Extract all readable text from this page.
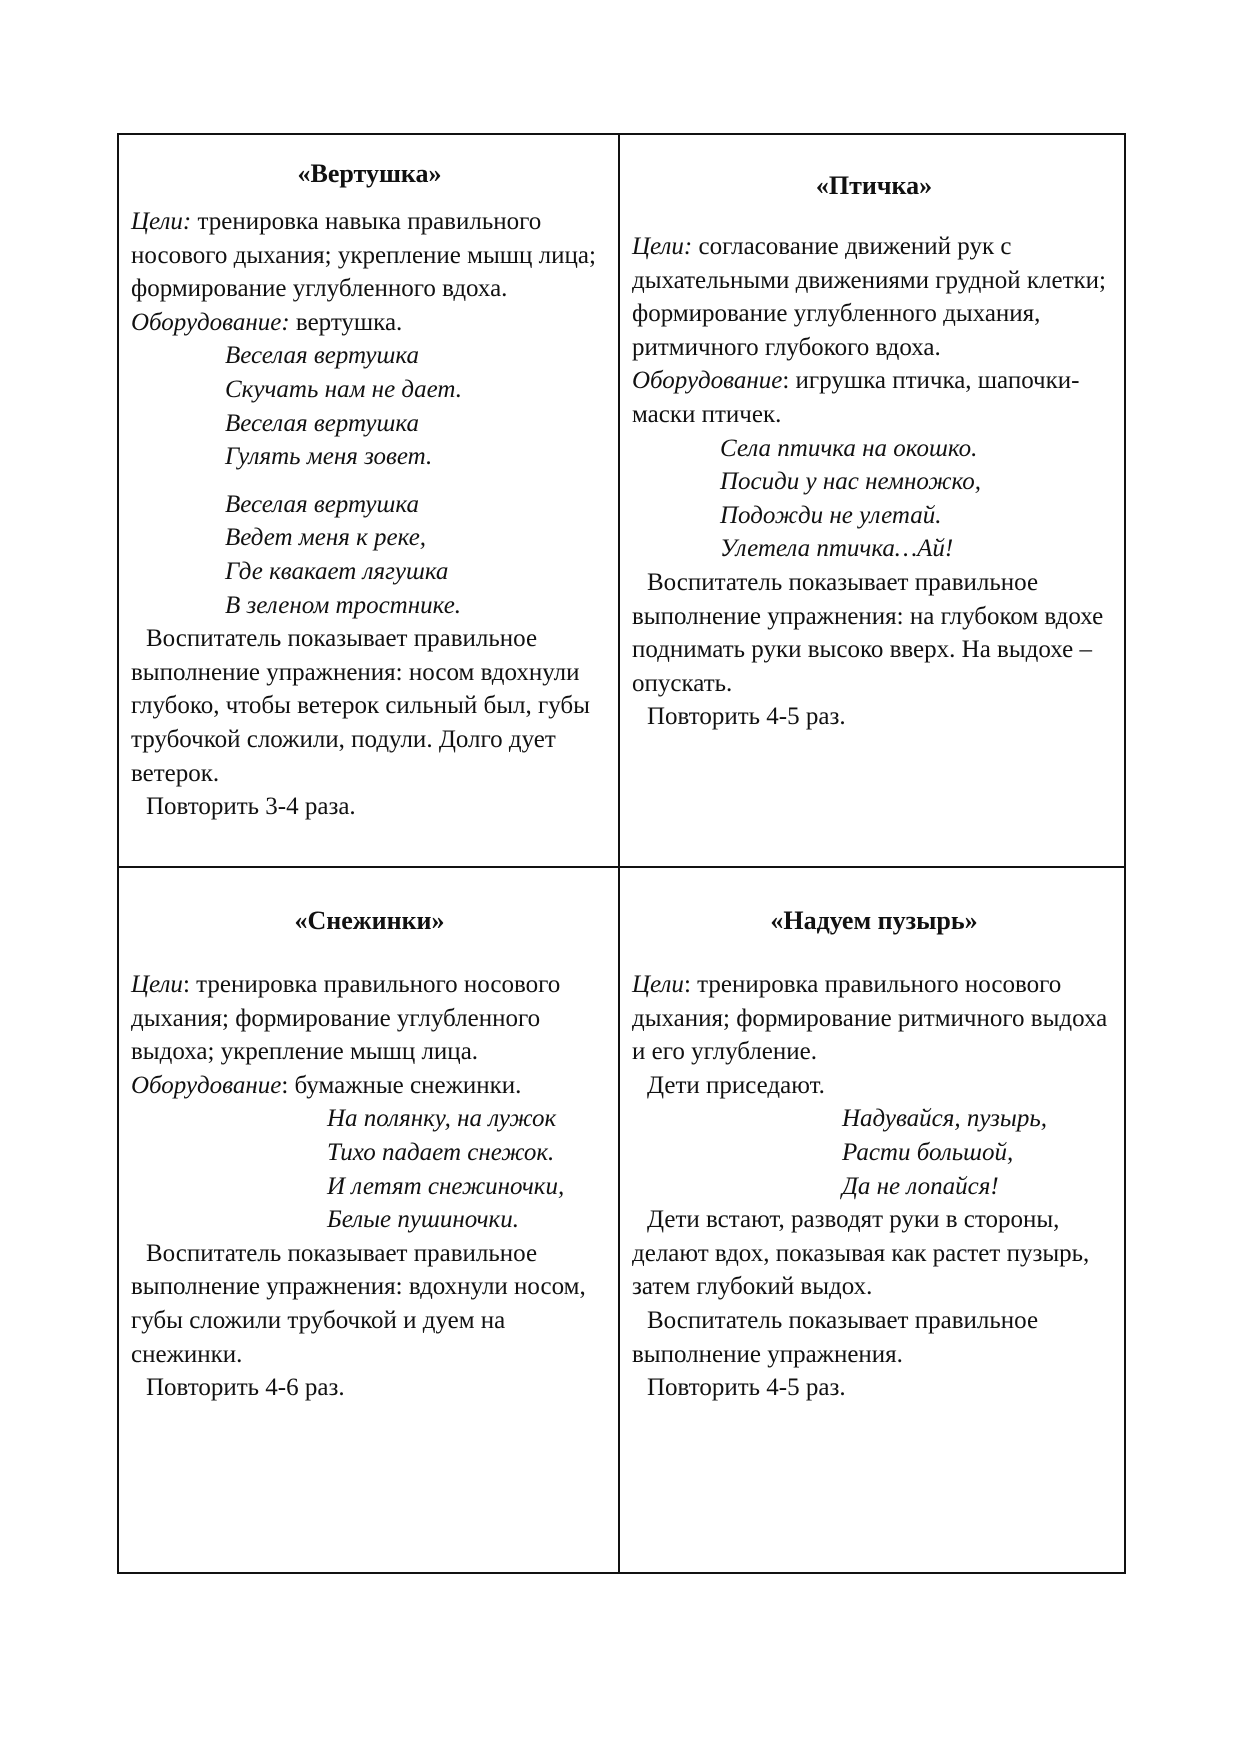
«Вертушка»

Цели: тренировка навыка правильного носового дыхания; укрепление мышц лица; формирование углубленного вдоха.

Оборудование: вертушка.

Веселая вертушка
Скучать нам не дает.
Веселая вертушка
Гулять меня зовет.

Веселая вертушка
Ведет меня к реке,
Где квакает лягушка
В зеленом тростнике.

Воспитатель показывает правильное выполнение упражнения: носом вдохнули глубоко, чтобы ветерок сильный был, губы трубочкой сложили, подули. Долго дует ветерок.

Повторить 3-4 раза.

«Птичка»

Цели: согласование движений рук с дыхательными движениями грудной клетки; формирование углубленного дыхания, ритмичного глубокого вдоха.

Оборудование: игрушка птичка, шапочки-маски птичек.

Села птичка на окошко.
Посиди у нас немножко,
Подожди не улетай.
Улетела птичка…Ай!

Воспитатель показывает правильное выполнение упражнения: на глубоком вдохе поднимать руки высоко вверх. На выдохе – опускать.

Повторить 4-5 раз.

«Снежинки»

Цели: тренировка правильного носового дыхания; формирование углубленного выдоха; укрепление мышц лица.

Оборудование: бумажные снежинки.

На полянку, на лужок
Тихо падает снежок.
И летят снежиночки,
Белые пушиночки.

Воспитатель показывает правильное выполнение упражнения: вдохнули носом, губы сложили трубочкой и дуем на снежинки.

Повторить 4-6 раз.

«Надуем пузырь»

Цели: тренировка правильного носового дыхания; формирование ритмичного выдоха и его углубление.

Дети приседают.

Надувайся, пузырь,
Расти большой,
Да не лопайся!

Дети встают, разводят руки в стороны, делают вдох, показывая как растет пузырь, затем глубокий выдох.

Воспитатель показывает правильное выполнение упражнения.

Повторить 4-5 раз.
